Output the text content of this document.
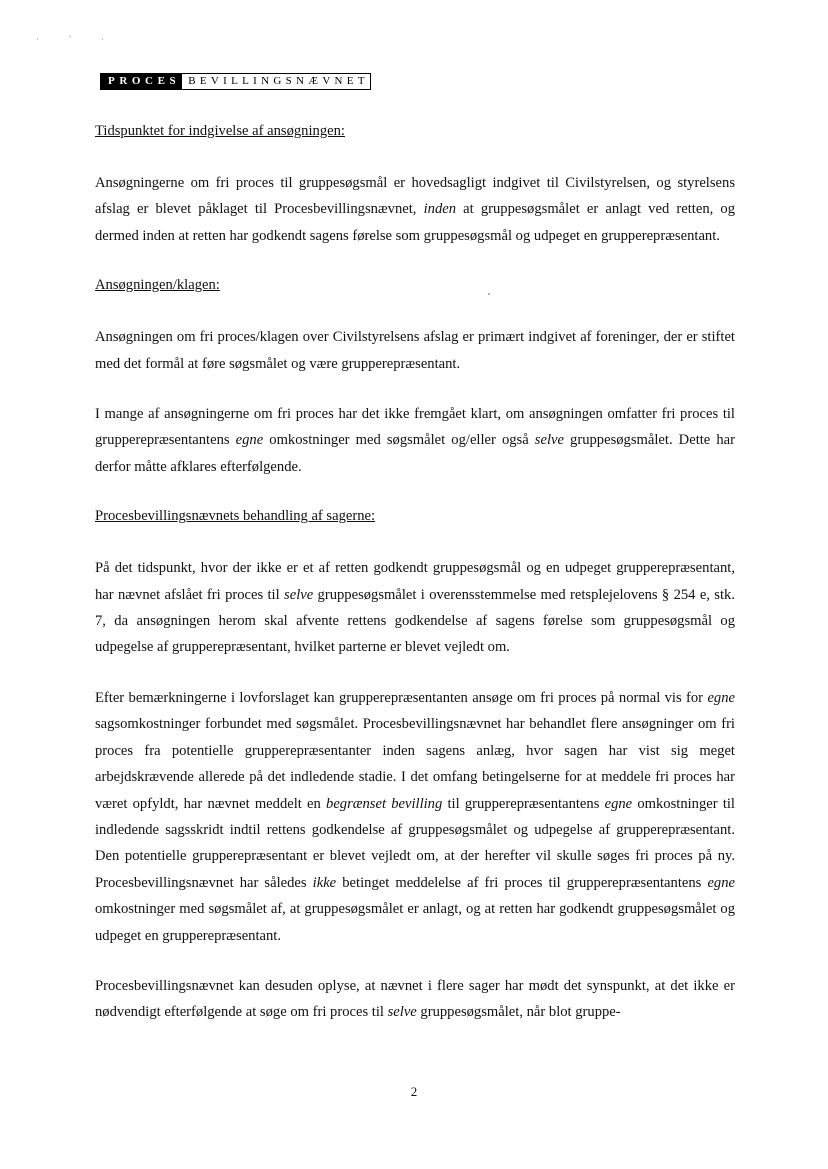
· ' ·
PROCES BEVILLINGSNÆVNET
Tidspunktet for indgivelse af ansøgningen:
Ansøgningerne om fri proces til gruppesøgsmål er hovedsagligt indgivet til Civilstyrelsen, og styrelsens afslag er blevet påklaget til Procesbevillingsnævnet, inden at gruppesøgsmålet er anlagt ved retten, og dermed inden at retten har godkendt sagens førelse som gruppesøgsmål og udpeget en grupperepræsentant.
Ansøgningen/klagen:
Ansøgningen om fri proces/klagen over Civilstyrelsens afslag er primært indgivet af foreninger, der er stiftet med det formål at føre søgsmålet og være grupperepræsentant.
I mange af ansøgningerne om fri proces har det ikke fremgået klart, om ansøgningen omfatter fri proces til grupperepræsentantens egne omkostninger med søgsmålet og/eller også selve gruppesøgsmålet. Dette har derfor måtte afklares efterfølgende.
Procesbevillingsnævnets behandling af sagerne:
På det tidspunkt, hvor der ikke er et af retten godkendt gruppesøgsmål og en udpeget grupperepræsentant, har nævnet afslået fri proces til selve gruppesøgsmålet i overensstemmelse med retsplejelovens § 254 e, stk. 7, da ansøgningen herom skal afvente rettens godkendelse af sagens førelse som gruppesøgsmål og udpegelse af grupperepræsentant, hvilket parterne er blevet vejledt om.
Efter bemærkningerne i lovforslaget kan grupperepræsentanten ansøge om fri proces på normal vis for egne sagsomkostninger forbundet med søgsmålet. Procesbevillingsnævnet har behandlet flere ansøgninger om fri proces fra potentielle grupperepræsentanter inden sagens anlæg, hvor sagen har vist sig meget arbejdskrævende allerede på det indledende stadie. I det omfang betingelserne for at meddele fri proces har været opfyldt, har nævnet meddelt en begrænset bevilling til grupperepræsentantens egne omkostninger til indledende sagsskridt indtil rettens godkendelse af gruppesøgsmålet og udpegelse af grupperepræsentant. Den potentielle grupperepræsentant er blevet vejledt om, at der herefter vil skulle søges fri proces på ny. Procesbevillingsnævnet har således ikke betinget meddelelse af fri proces til grupperepræsentantens egne omkostninger med søgsmålet af, at gruppesøgsmålet er anlagt, og at retten har godkendt gruppesøgsmålet og udpeget en grupperepræsentant.
Procesbevillingsnævnet kan desuden oplyse, at nævnet i flere sager har mødt det synspunkt, at det ikke er nødvendigt efterfølgende at søge om fri proces til selve gruppesøgsmålet, når blot gruppe-
2
